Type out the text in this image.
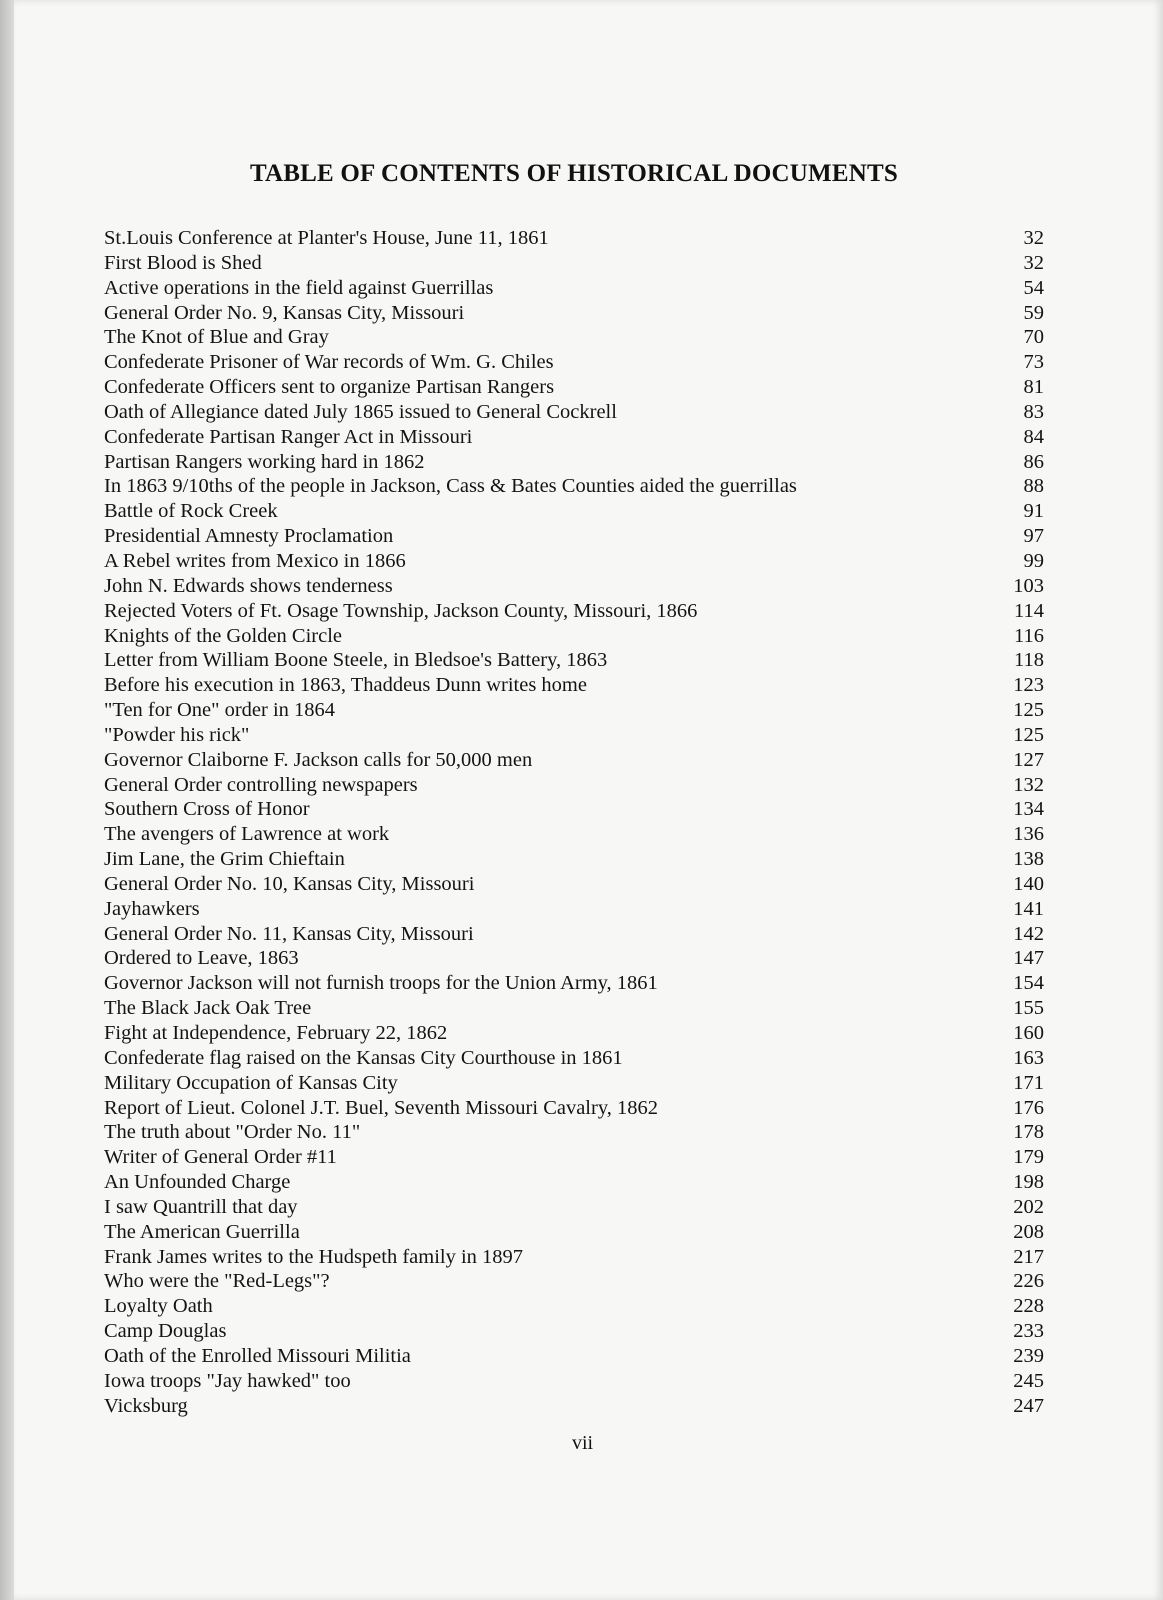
TABLE OF CONTENTS OF HISTORICAL DOCUMENTS
St.Louis Conference at Planter's House, June 11, 1861	32
First Blood is Shed	32
Active operations in the field against Guerrillas	54
General Order No. 9, Kansas City, Missouri	59
The Knot of Blue and Gray	70
Confederate Prisoner of War records of Wm. G. Chiles	73
Confederate Officers sent to organize Partisan Rangers	81
Oath of Allegiance dated July 1865 issued to General Cockrell	83
Confederate Partisan Ranger Act in Missouri	84
Partisan Rangers working hard in 1862	86
In 1863 9/10ths of the people in Jackson, Cass & Bates Counties aided the guerrillas	88
Battle of Rock Creek	91
Presidential Amnesty Proclamation	97
A Rebel writes from Mexico in 1866	99
John N. Edwards shows tenderness	103
Rejected Voters of Ft. Osage Township, Jackson County, Missouri, 1866	114
Knights of the Golden Circle	116
Letter from William Boone Steele, in Bledsoe's Battery, 1863	118
Before his execution in 1863, Thaddeus Dunn writes home	123
"Ten for One" order in 1864	125
"Powder his rick"	125
Governor Claiborne F. Jackson calls for 50,000 men	127
General Order controlling newspapers	132
Southern Cross of Honor	134
The avengers of Lawrence at work	136
Jim Lane, the Grim Chieftain	138
General Order No. 10, Kansas City, Missouri	140
Jayhawkers	141
General Order No. 11, Kansas City, Missouri	142
Ordered to Leave, 1863	147
Governor Jackson will not furnish troops for the Union Army, 1861	154
The Black Jack Oak Tree	155
Fight at Independence, February 22, 1862	160
Confederate flag raised on the Kansas City Courthouse in 1861	163
Military Occupation of Kansas City	171
Report of Lieut. Colonel J.T. Buel, Seventh Missouri Cavalry, 1862	176
The truth about "Order No. 11"	178
Writer of General Order #11	179
An Unfounded Charge	198
I saw Quantrill that day	202
The American Guerrilla	208
Frank James writes to the Hudspeth family in 1897	217
Who were the "Red-Legs"?	226
Loyalty Oath	228
Camp Douglas	233
Oath of the Enrolled Missouri Militia	239
Iowa troops "Jay hawked" too	245
Vicksburg	247
vii
